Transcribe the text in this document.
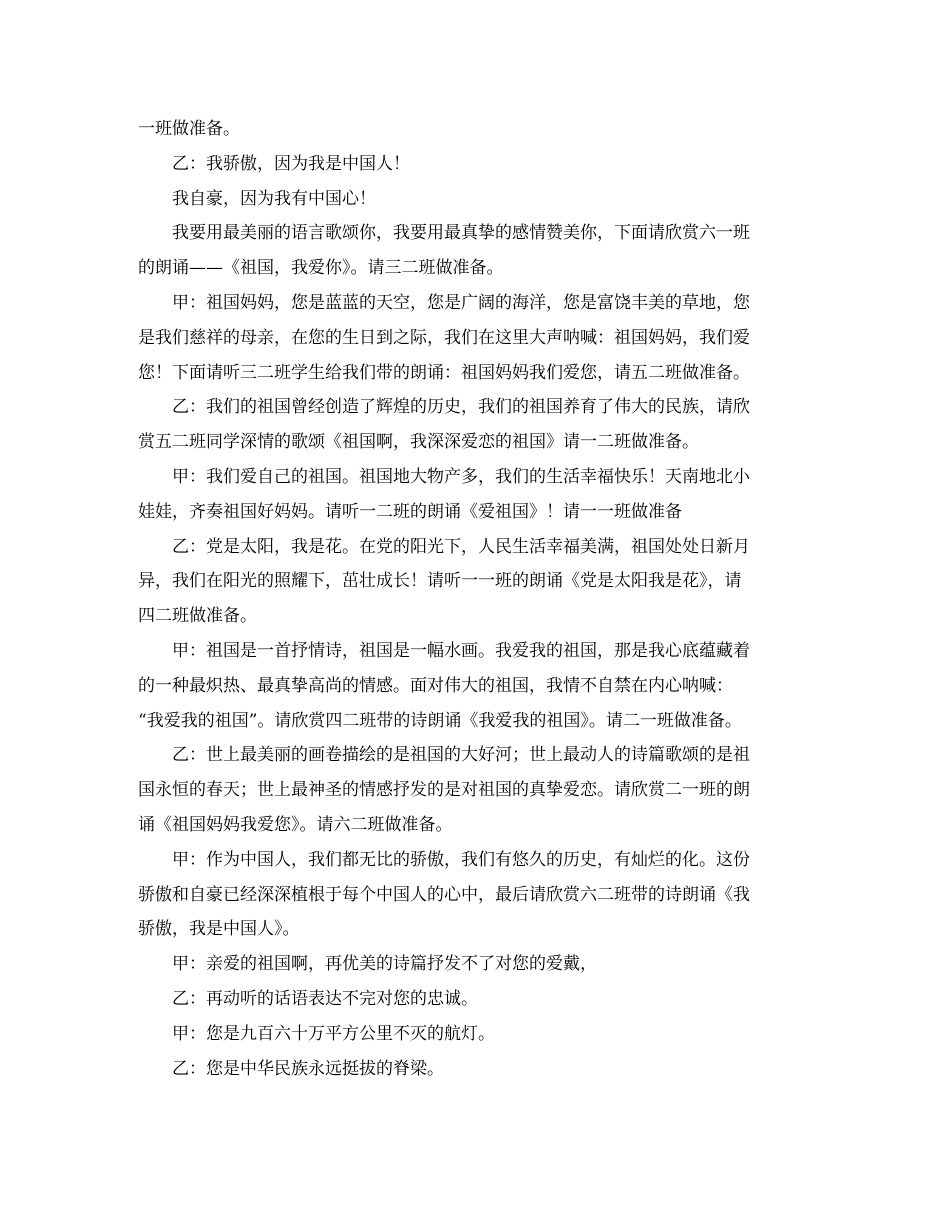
一班做准备。
乙：我骄傲，因为我是中国人！
我自豪，因为我有中国心！
我要用最美丽的语言歌颂你，我要用最真挚的感情赞美你，下面请欣赏六一班
的朗诵——《祖国，我爱你》。请三二班做准备。
甲：祖国妈妈，您是蓝蓝的天空，您是广阔的海洋，您是富饶丰美的草地，您
是我们慈祥的母亲，在您的生日到之际，我们在这里大声呐喊：祖国妈妈，我们爱
您！下面请听三二班学生给我们带的朗诵：祖国妈妈我们爱您，请五二班做准备。
乙：我们的祖国曾经创造了辉煌的历史，我们的祖国养育了伟大的民族，请欣
赏五二班同学深情的歌颂《祖国啊，我深深爱恋的祖国》请一二班做准备。
甲：我们爱自己的祖国。祖国地大物产多，我们的生活幸福快乐！天南地北小
娃娃，齐奏祖国好妈妈。请听一二班的朗诵《爱祖国》！请一一班做准备
乙：党是太阳，我是花。在党的阳光下，人民生活幸福美满，祖国处处日新月
异，我们在阳光的照耀下，茁壮成长！请听一一班的朗诵《党是太阳我是花》，请
四二班做准备。
甲：祖国是一首抒情诗，祖国是一幅水画。我爱我的祖国，那是我心底蕴藏着
的一种最炽热、最真挚高尚的情感。面对伟大的祖国，我情不自禁在内心呐喊：
“我爱我的祖国”。请欣赏四二班带的诗朗诵《我爱我的祖国》。请二一班做准备。
乙：世上最美丽的画卷描绘的是祖国的大好河；世上最动人的诗篇歌颂的是祖
国永恒的春天；世上最神圣的情感抒发的是对祖国的真挚爱恋。请欣赏二一班的朗
诵《祖国妈妈我爱您》。请六二班做准备。
甲：作为中国人，我们都无比的骄傲，我们有悠久的历史，有灿烂的化。这份
骄傲和自豪已经深深植根于每个中国人的心中，最后请欣赏六二班带的诗朗诵《我
骄傲，我是中国人》。
甲：亲爱的祖国啊，再优美的诗篇抒发不了对您的爱戴，
乙：再动听的话语表达不完对您的忠诚。
甲：您是九百六十万平方公里不灭的航灯。
乙：您是中华民族永远挺拔的脊梁。
